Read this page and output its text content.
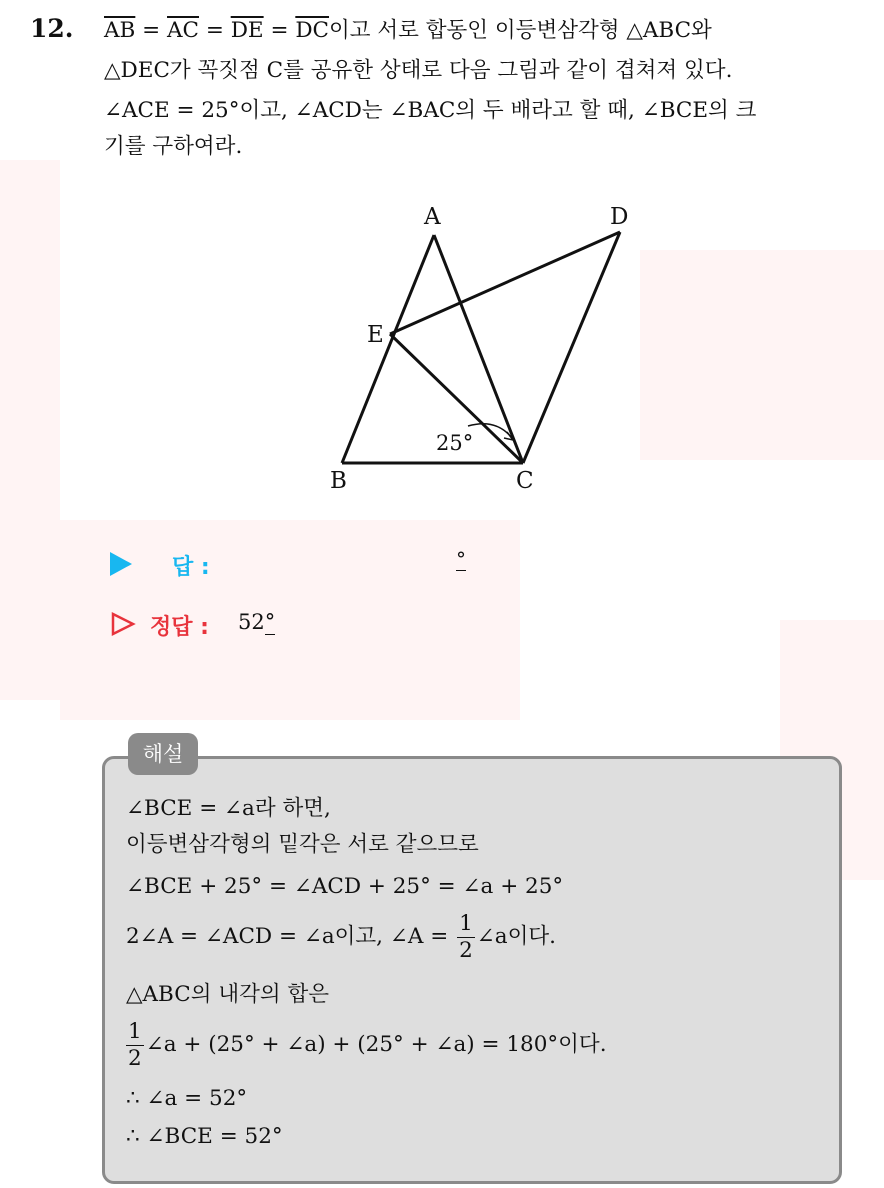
12. $\overline{AB} = \overline{AC} = \overline{DE} = \overline{DC}$이고 서로 합동인 이등변삼각형 △ABC와
△DEC가 꼭짓점 C를 공유한 상태로 다음 그림과 같이 겹쳐져 있다.
∠ACE = 25°이고, ∠ACD는 ∠BAC의 두 배라고 할 때, ∠BCE의 크
기를 구하여라.
A	D
E
B	C
25°
답 :	°
정답 : 52°
해설
∠BCE = ∠a라 하면,
이등변삼각형의 밑각은 서로 같으므로
∠BCE + 25° = ∠ACD + 25° = ∠a + 25°
2∠A = ∠ACD = ∠a이고, ∠A = $\frac{1}{2}$ ∠a이다.
△ABC의 내각의 합은
$\frac{1}{2}$ ∠a + (25° + ∠a) + (25° + ∠a) = 180°이다.
∴ ∠a = 52°
∴ ∠BCE = 52°
